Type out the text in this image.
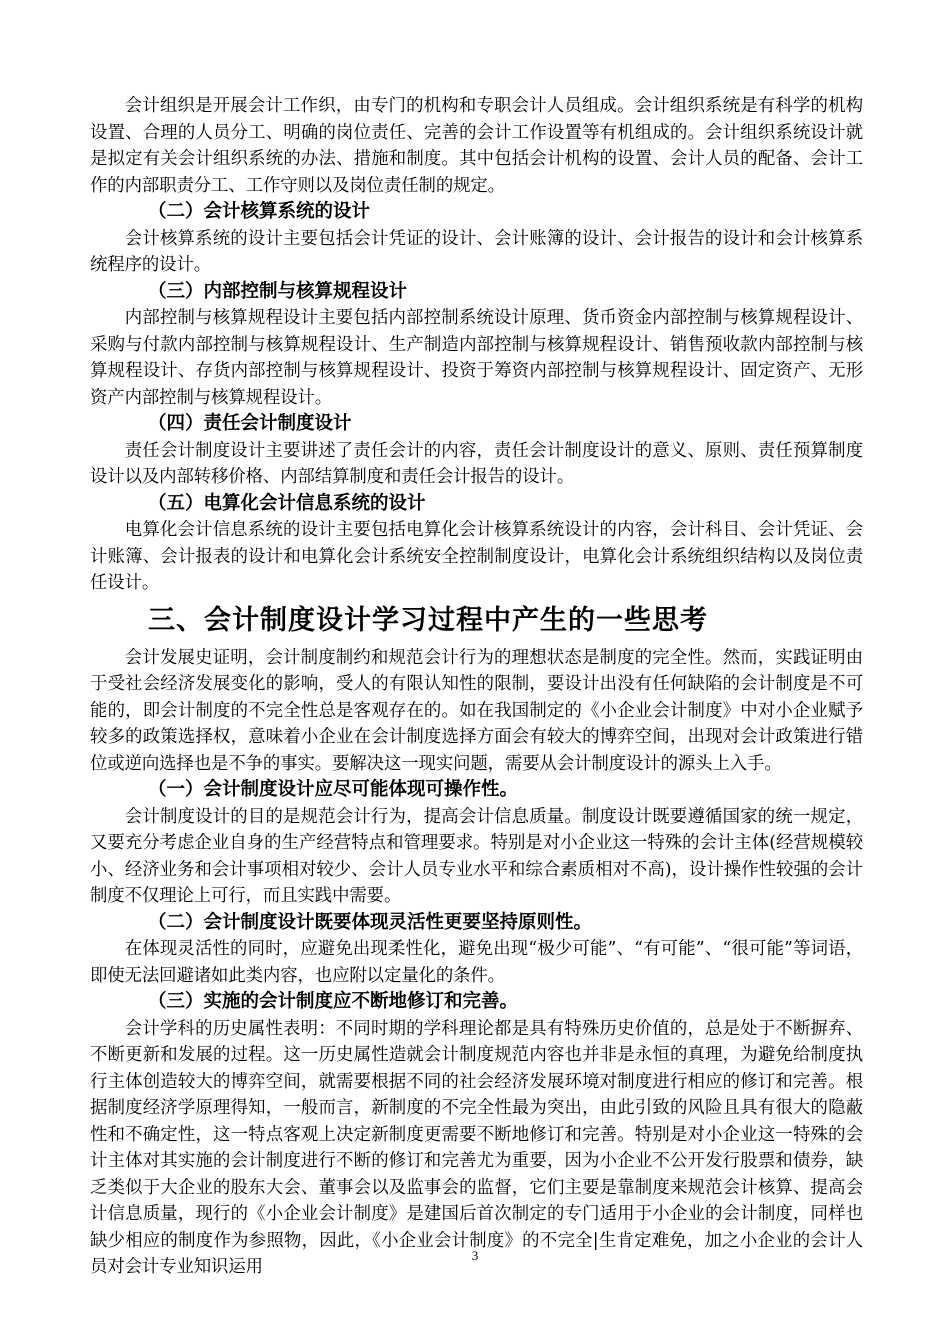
会计组织是开展会计工作织，由专门的机构和专职会计人员组成。会计组织系统是有科学的机构设置、合理的人员分工、明确的岗位责任、完善的会计工作设置等有机组成的。会计组织系统设计就是拟定有关会计组织系统的办法、措施和制度。其中包括会计机构的设置、会计人员的配备、会计工作的内部职责分工、工作守则以及岗位责任制的规定。

（二）会计核算系统的设计

会计核算系统的设计主要包括会计凭证的设计、会计账簿的设计、会计报告的设计和会计核算系统程序的设计。

（三）内部控制与核算规程设计

内部控制与核算规程设计主要包括内部控制系统设计原理、货币资金内部控制与核算规程设计、采购与付款内部控制与核算规程设计、生产制造内部控制与核算规程设计、销售预收款内部控制与核算规程设计、存货内部控制与核算规程设计、投资于筹资内部控制与核算规程设计、固定资产、无形资产内部控制与核算规程设计。

（四）责任会计制度设计

责任会计制度设计主要讲述了责任会计的内容，责任会计制度设计的意义、原则、责任预算制度设计以及内部转移价格、内部结算制度和责任会计报告的设计。

（五）电算化会计信息系统的设计

电算化会计信息系统的设计主要包括电算化会计核算系统设计的内容，会计科目、会计凭证、会计账簿、会计报表的设计和电算化会计系统安全控制制度设计，电算化会计系统组织结构以及岗位责任设计。

三、会计制度设计学习过程中产生的一些思考

会计发展史证明，会计制度制约和规范会计行为的理想状态是制度的完全性。然而，实践证明由于受社会经济发展变化的影响，受人的有限认知性的限制，要设计出没有任何缺陷的会计制度是不可能的，即会计制度的不完全性总是客观存在的。如在我国制定的《小企业会计制度》中对小企业赋予较多的政策选择权，意味着小企业在会计制度选择方面会有较大的博弈空间，出现对会计政策进行错位或逆向选择也是不争的事实。要解决这一现实问题，需要从会计制度设计的源头上入手。

（一）会计制度设计应尽可能体现可操作性。

会计制度设计的目的是规范会计行为，提高会计信息质量。制度设计既要遵循国家的统一规定，又要充分考虑企业自身的生产经营特点和管理要求。特别是对小企业这一特殊的会计主体(经营规模较小、经济业务和会计事项相对较少、会计人员专业水平和综合素质相对不高)，设计操作性较强的会计制度不仅理论上可行，而且实践中需要。

（二）会计制度设计既要体现灵活性更要坚持原则性。

在体现灵活性的同时，应避免出现柔性化，避免出现“极少可能”、“有可能”、“很可能”等词语，即使无法回避诸如此类内容，也应附以定量化的条件。

（三）实施的会计制度应不断地修订和完善。

会计学科的历史属性表明：不同时期的学科理论都是具有特殊历史价值的，总是处于不断摒弃、不断更新和发展的过程。这一历史属性造就会计制度规范内容也并非是永恒的真理，为避免给制度执行主体创造较大的博弈空间，就需要根据不同的社会经济发展环境对制度进行相应的修订和完善。根据制度经济学原理得知，一般而言，新制度的不完全性最为突出，由此引致的风险且具有很大的隐蔽性和不确定性，这一特点客观上决定新制度更需要不断地修订和完善。特别是对小企业这一特殊的会计主体对其实施的会计制度进行不断的修订和完善尤为重要，因为小企业不公开发行股票和债券，缺乏类似于大企业的股东大会、董事会以及监事会的监督，它们主要是靠制度来规范会计核算、提高会计信息质量，现行的《小企业会计制度》是建国后首次制定的专门适用于小企业的会计制度，同样也缺少相应的制度作为参照物，因此，《小企业会计制度》的不完全|生肯定难免，加之小企业的会计人员对会计专业知识运用

3
